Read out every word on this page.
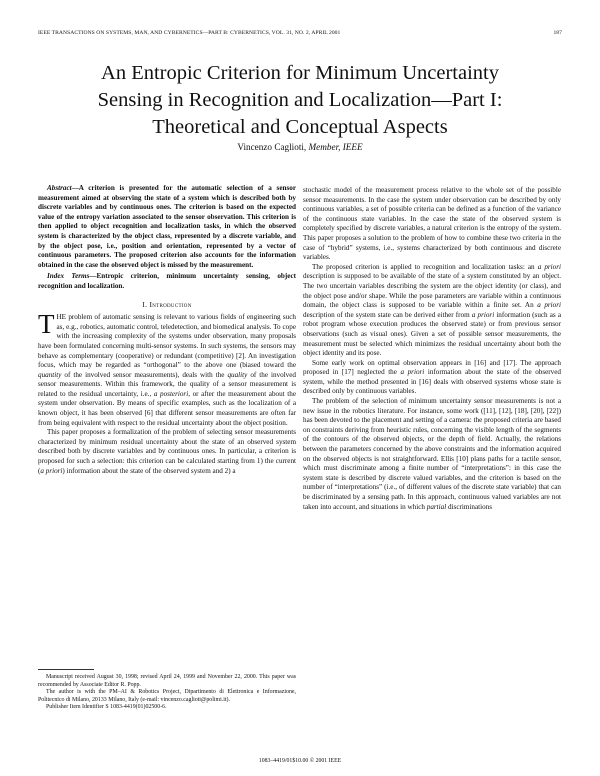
IEEE TRANSACTIONS ON SYSTEMS, MAN, AND CYBERNETICS—PART B: CYBERNETICS, VOL. 31, NO. 2, APRIL 2001	187
An Entropic Criterion for Minimum Uncertainty
Sensing in Recognition and Localization—Part I:
Theoretical and Conceptual Aspects
Vincenzo Caglioti, Member, IEEE

Abstract—A criterion is presented for the automatic selection of a sensor measurement aimed at observing the state of a system which is described both by discrete variables and by continuous ones. The criterion is based on the expected value of the entropy variation associated to the sensor observation. This criterion is then applied to object recognition and localization tasks, in which the observed system is characterized by the object class, represented by a discrete variable, and by the object pose, i.e., position and orientation, represented by a vector of continuous parameters. The proposed criterion also accounts for the information obtained in the case the observed object is missed by the measurement.

Index Terms—Entropic criterion, minimum uncertainty sensing, object recognition and localization.

I. Introduction

THE problem of automatic sensing is relevant to various fields of engineering such as, e.g., robotics, automatic control, teledetection, and biomedical analysis. To cope with the increasing complexity of the systems under observation, many proposals have been formulated concerning multi-sensor systems. In such systems, the sensors may behave as complementary (cooperative) or redundant (competitive) [2]. An investigation focus, which may be regarded as “orthogonal” to the above one (biased toward the quantity of the involved sensor measurements), deals with the quality of the involved sensor measurements. Within this framework, the quality of a sensor measurement is related to the residual uncertainty, i.e., a posteriori, or after the measurement about the system under observation. By means of specific examples, such as the localization of a known object, it has been observed [6] that different sensor measurements are often far from being equivalent with respect to the residual uncertainty about the object position.

This paper proposes a formalization of the problem of selecting sensor measurements characterized by minimum residual uncertainty about the state of an observed system described both by discrete variables and by continuous ones. In particular, a criterion is proposed for such a selection: this criterion can be calculated starting from 1) the current (a priori) information about the state of the observed system and 2) a

stochastic model of the measurement process relative to the whole set of the possible sensor measurements. In the case the system under observation can be described by only continuous variables, a set of possible criteria can be defined as a function of the variance of the continuous state variables. In the case the state of the observed system is completely specified by discrete variables, a natural criterion is the entropy of the system. This paper proposes a solution to the problem of how to combine these two criteria in the case of “hybrid” systems, i.e., systems characterized by both continuous and discrete variables.

The proposed criterion is applied to recognition and localization tasks: an a priori description is supposed to be available of the state of a system constituted by an object. The two uncertain variables describing the system are the object identity (or class), and the object pose and/or shape. While the pose parameters are variable within a continuous domain, the object class is supposed to be variable within a finite set. An a priori description of the system state can be derived either from a priori information (such as a robot program whose execution produces the observed state) or from previous sensor observations (such as visual ones). Given a set of possible sensor measurements, the measurement must be selected which minimizes the residual uncertainty about both the object identity and its pose.

Some early work on optimal observation appears in [16] and [17]. The approach proposed in [17] neglected the a priori information about the state of the observed system, while the method presented in [16] deals with observed systems whose state is described only by continuous variables.

The problem of the selection of minimum uncertainty sensor measurements is not a new issue in the robotics literature. For instance, some work ([11], [12], [18], [20], [22]) has been devoted to the placement and setting of a camera: the proposed criteria are based on constraints deriving from heuristic rules, concerning the visible length of the segments of the contours of the observed objects, or the depth of field. Actually, the relations between the parameters concerned by the above constraints and the information acquired on the observed objects is not straightforward. Ellis [10] plans paths for a tactile sensor, which must discriminate among a finite number of “interpretations”: in this case the system state is described by discrete valued variables, and the criterion is based on the number of “interpretations” (i.e., of different values of the discrete state variable) that can be discriminated by a sensing path. In this approach, continuous valued variables are not taken into account, and situations in which partial discriminations

Manuscript received August 30, 1998; revised April 24, 1999 and November 22, 2000. This paper was recommended by Associate Editor R. Popp.

The author is with the PM–AI & Robotics Project, Dipartimento di Elettronica e Informazione, Politecnico di Milano, 20133 Milano, Italy (e-mail: vincenzo.caglioti@polimi.it).

Publisher Item Identifier S 1083-4419(01)02500-6.

1083–4419/01$10.00 © 2001 IEEE
